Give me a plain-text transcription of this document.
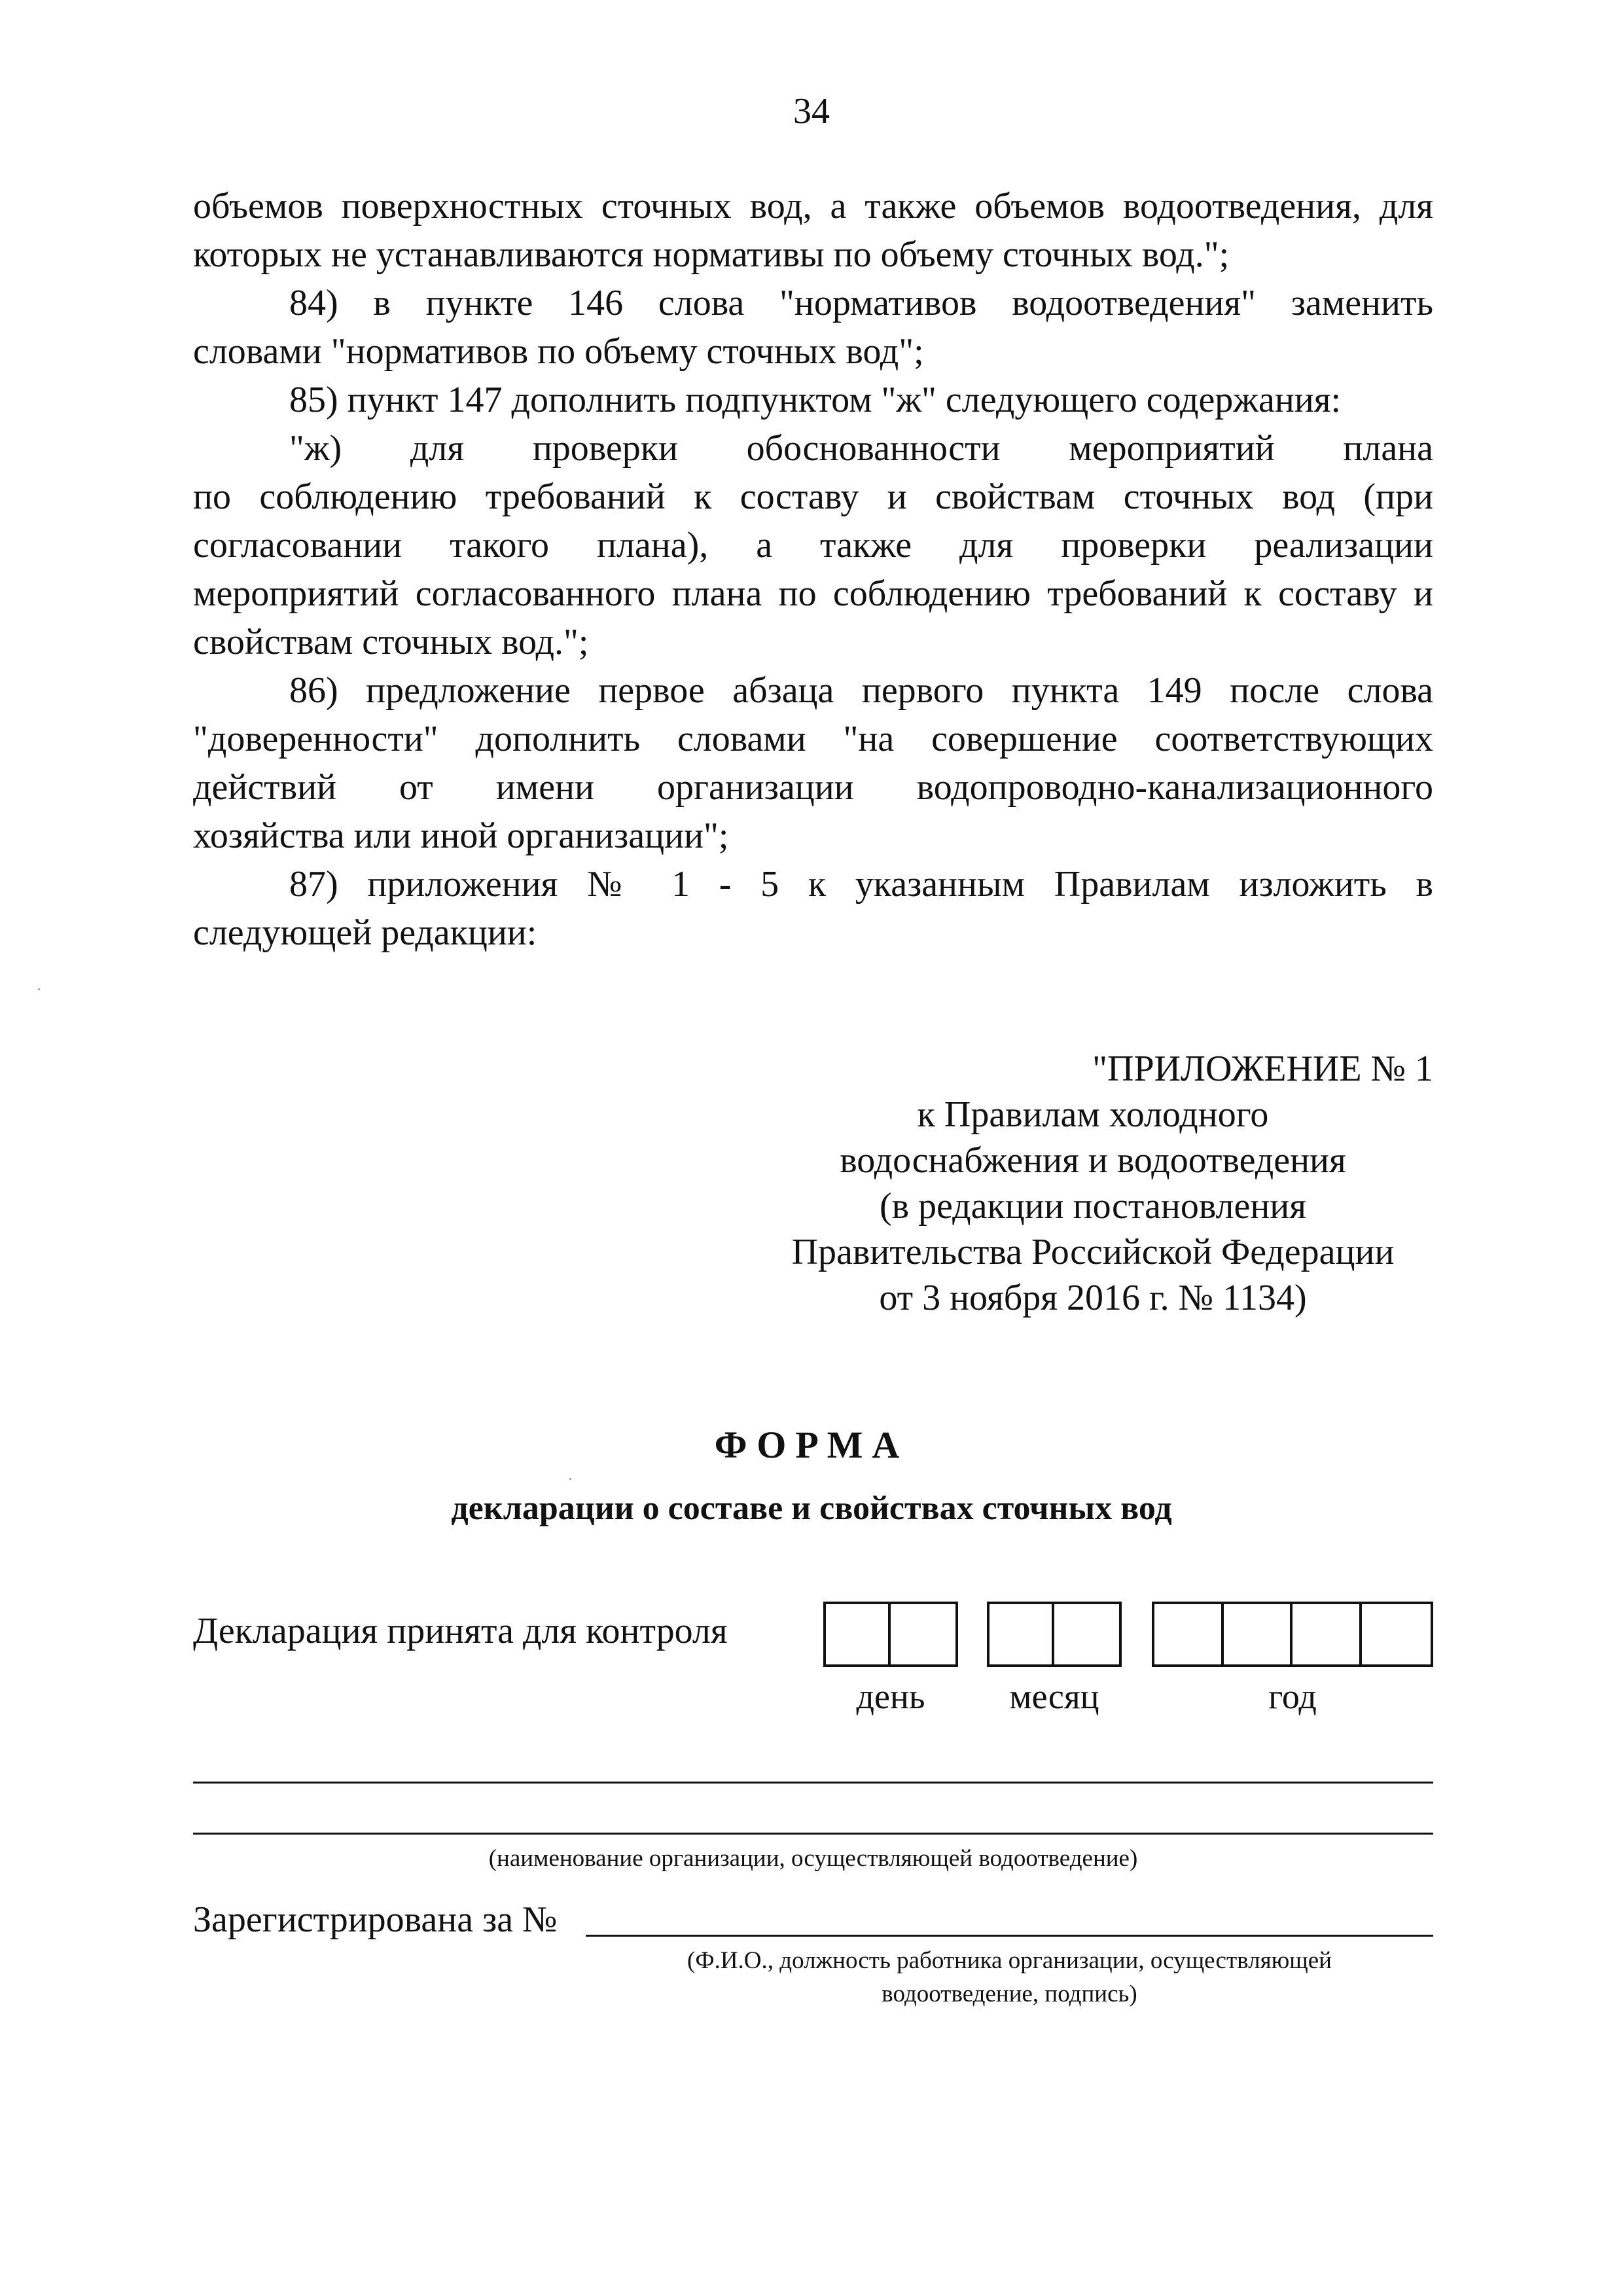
34
объемов поверхностных сточных вод, а также объемов водоотведения, для
которых не устанавливаются нормативы по объему сточных вод.";
84) в пункте 146 слова "нормативов водоотведения" заменить
словами "нормативов по объему сточных вод";
85) пункт 147 дополнить подпунктом "ж" следующего содержания:
"ж) для проверки обоснованности мероприятий плана
по соблюдению требований к составу и свойствам сточных вод (при
согласовании такого плана), а также для проверки реализации
мероприятий согласованного плана по соблюдению требований к составу и
свойствам сточных вод.";
86) предложение первое абзаца первого пункта 149 после слова
"доверенности" дополнить словами "на совершение соответствующих
действий от имени организации водопроводно-канализационного
хозяйства или иной организации";
87) приложения № 1 - 5 к указанным Правилам изложить в
следующей редакции:
"ПРИЛОЖЕНИЕ № 1
к Правилам холодного
водоснабжения и водоотведения
(в редакции постановления
Правительства Российской Федерации
от 3 ноября 2016 г. № 1134)
ФОРМА
декларации о составе и свойствах сточных вод
Декларация принята для контроля
день	месяц	год
(наименование организации, осуществляющей водоотведение)
Зарегистрирована за №
(Ф.И.О., должность работника организации, осуществляющей
водоотведение, подпись)
